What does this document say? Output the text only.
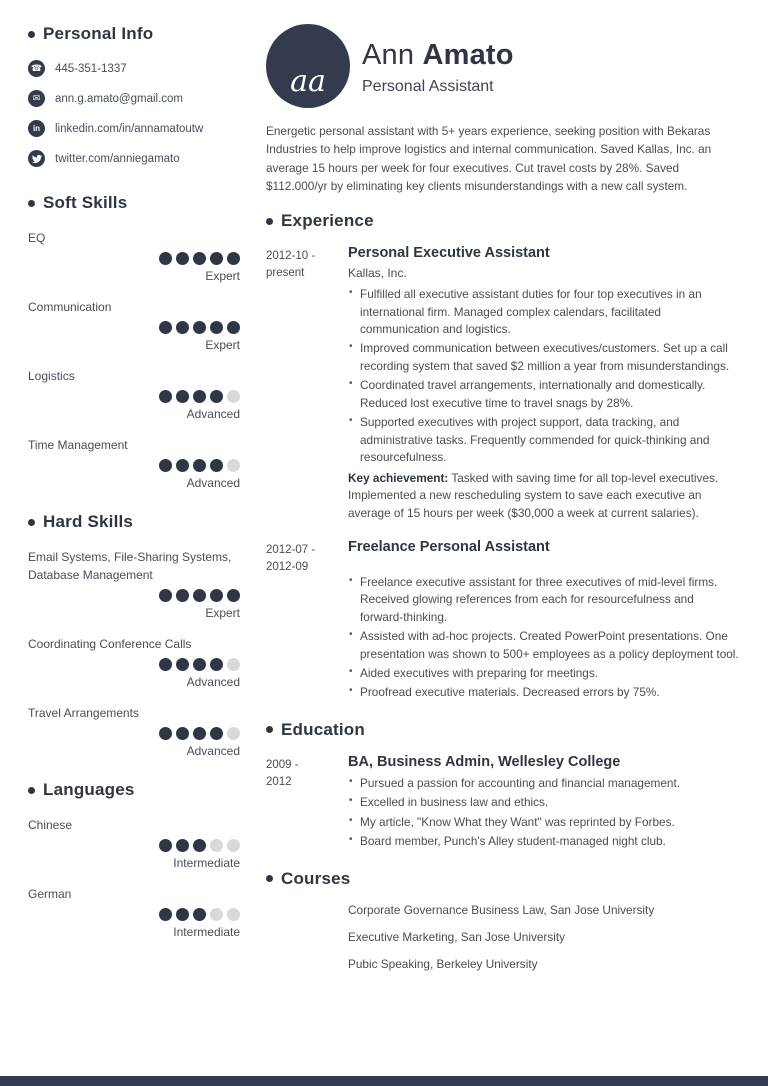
Personal Info
☎ 445-351-1337
✉	ann.g.amato@gmail.com
in linkedin.com/in/annamatoutw
twitter.com/anniegamato
Soft Skills
EQ
Expert
Communication
Expert
Logistics
Advanced
Time Management
Advanced
Hard Skills
Email Systems, File-Sharing Systems, Database Management
Expert
Coordinating Conference Calls
Advanced
Travel Arrangements
Advanced
Languages
Chinese
Intermediate
German
Intermediate
aa
Ann Amato
Personal Assistant

Energetic personal assistant with 5+ years experience, seeking position with Bekaras Industries to help improve logistics and internal communication. Saved Kallas, Inc. an average 15 hours per week for four executives. Cut travel costs by 28%. Saved $112.000/yr by eliminating key clients misunderstandings with a new call system.

Experience
2012-10 -
present
Personal Executive Assistant
Kallas, Inc.
• Fulfilled all executive assistant duties for four top executives in an international firm. Managed complex calendars, facilitated communication and logistics.
• Improved communication between executives/customers. Set up a call recording system that saved $2 million a year from misunderstandings.
• Coordinated travel arrangements, internationally and domestically. Reduced lost executive time to travel snags by 28%.
• Supported executives with project support, data tracking, and administrative tasks. Frequently commended for quick-thinking and resourcefulness.

Key achievement: Tasked with saving time for all top-level executives. Implemented a new rescheduling system to save each executive an average of 15 hours per week ($30,000 a week at current salaries).

2012-07 -
2012-09
Freelance Personal Assistant
• Freelance executive assistant for three executives of mid-level firms. Received glowing references from each for resourcefulness and forward-thinking.
• Assisted with ad-hoc projects. Created PowerPoint presentations. One presentation was shown to 500+ employees as a policy deployment tool.
• Aided executives with preparing for meetings.
• Proofread executive materials. Decreased errors by 75%.
Education
2009 -
2012
BA, Business Admin, Wellesley College
• Pursued a passion for accounting and financial management.
• Excelled in business law and ethics.
• My article, "Know What they Want" was reprinted by Forbes.
• Board member, Punch's Alley student-managed night club.
Courses
Corporate Governance Business Law, San Jose University
Executive Marketing, San Jose University
Pubic Speaking, Berkeley University
